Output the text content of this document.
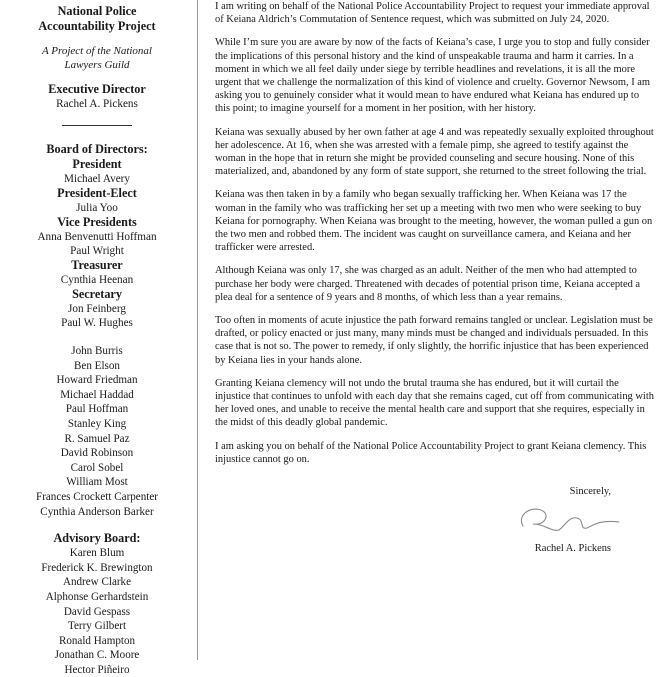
National Police
Accountability Project
A Project of the National
Lawyers Guild
Executive Director
Rachel A. Pickens
Board of Directors:
President
Michael Avery
President-Elect
Julia Yoo
Vice Presidents
Anna Benvenutti Hoffman
Paul Wright
Treasurer
Cynthia Heenan
Secretary
Jon Feinberg
Paul W. Hughes
John Burris
Ben Elson
Howard Friedman
Michael Haddad
Paul Hoffman
Stanley King
R. Samuel Paz
David Robinson
Carol Sobel
William Most
Frances Crockett Carpenter
Cynthia Anderson Barker
Advisory Board:
Karen Blum
Frederick K. Brewington
Andrew Clarke
Alphonse Gerhardstein
David Gespass
Terry Gilbert
Ronald Hampton
Jonathan C. Moore
Hector Piñeiro

I am writing on behalf of the National Police Accountability Project to request your immediate approval of Keiana Aldrich’s Commutation of Sentence request, which was submitted on July 24, 2020.

While I’m sure you are aware by now of the facts of Keiana’s case, I urge you to stop and fully consider the implications of this personal history and the kind of unspeakable trauma and harm it carries. In a moment in which we all feel daily under siege by terrible headlines and revelations, it is all the more urgent that we challenge the normalization of this kind of violence and cruelty. Governor Newsom, I am asking you to genuinely consider what it would mean to have endured what Keiana has endured up to this point; to imagine yourself for a moment in her position, with her history.

Keiana was sexually abused by her own father at age 4 and was repeatedly sexually exploited throughout her adolescence. At 16, when she was arrested with a female pimp, she agreed to testify against the woman in the hope that in return she might be provided counseling and secure housing. None of this materialized, and, abandoned by any form of state support, she returned to the street following the trial.

Keiana was then taken in by a family who began sexually trafficking her. When Keiana was 17 the woman in the family who was trafficking her set up a meeting with two men who were seeking to buy Keiana for pornography. When Keiana was brought to the meeting, however, the woman pulled a gun on the two men and robbed them. The incident was caught on surveillance camera, and Keiana and her trafficker were arrested.

Although Keiana was only 17, she was charged as an adult. Neither of the men who had attempted to purchase her body were charged. Threatened with decades of potential prison time, Keiana accepted a plea deal for a sentence of 9 years and 8 months, of which less than a year remains.

Too often in moments of acute injustice the path forward remains tangled or unclear. Legislation must be drafted, or policy enacted or just many, many minds must be changed and individuals persuaded. In this case that is not so. The power to remedy, if only slightly, the horrific injustice that has been experienced by Keiana lies in your hands alone.

Granting Keiana clemency will not undo the brutal trauma she has endured, but it will curtail the injustice that continues to unfold with each day that she remains caged, cut off from communicating with her loved ones, and unable to receive the mental health care and support that she requires, especially in the midst of this deadly global pandemic.

I am asking you on behalf of the National Police Accountability Project to grant Keiana clemency. This injustice cannot go on.

Sincerely,
Rachel A. Pickens
